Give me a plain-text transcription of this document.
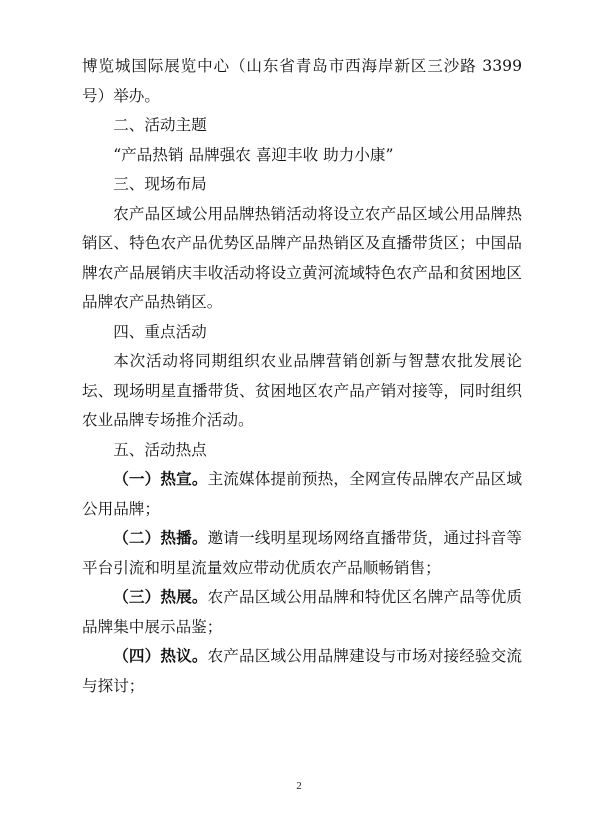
博览城国际展览中心（山东省青岛市西海岸新区三沙路 3399 号）举办。

二、活动主题

“产品热销 品牌强农 喜迎丰收 助力小康”

三、现场布局

农产品区域公用品牌热销活动将设立农产品区域公用品牌热销区、特色农产品优势区品牌产品热销区及直播带货区；中国品牌农产品展销庆丰收活动将设立黄河流域特色农产品和贫困地区品牌农产品热销区。

四、重点活动

本次活动将同期组织农业品牌营销创新与智慧农批发展论坛、现场明星直播带货、贫困地区农产品产销对接等，同时组织农业品牌专场推介活动。

五、活动热点

（一）热宣。主流媒体提前预热，全网宣传品牌农产品区域公用品牌；

（二）热播。邀请一线明星现场网络直播带货，通过抖音等平台引流和明星流量效应带动优质农产品顺畅销售；

（三）热展。农产品区域公用品牌和特优区名牌产品等优质品牌集中展示品鉴；

（四）热议。农产品区域公用品牌建设与市场对接经验交流与探讨；

2
